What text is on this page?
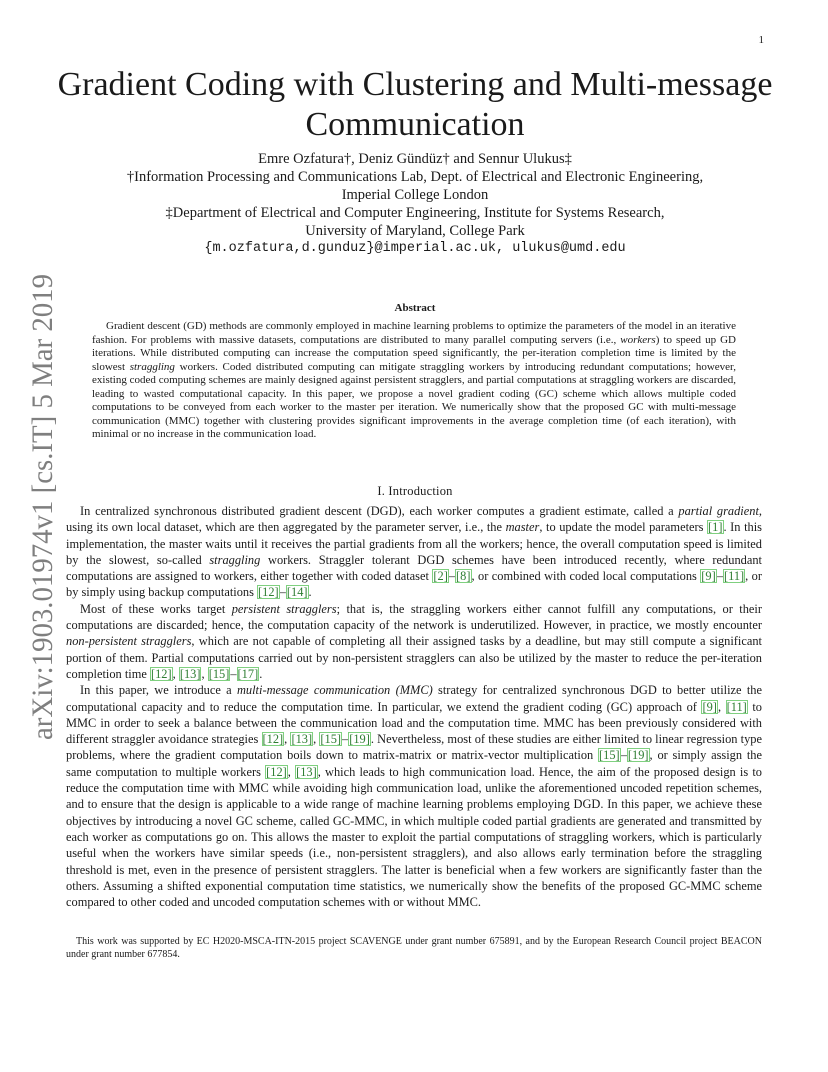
1
arXiv:1903.01974v1 [cs.IT] 5 Mar 2019
Gradient Coding with Clustering and Multi-message
Communication
Emre Ozfatura†, Deniz Gündüz† and Sennur Ulukus‡
†Information Processing and Communications Lab, Dept. of Electrical and Electronic Engineering,
Imperial College London
‡Department of Electrical and Computer Engineering, Institute for Systems Research,
University of Maryland, College Park
{m.ozfatura,d.gunduz}@imperial.ac.uk, ulukus@umd.edu
Abstract
Gradient descent (GD) methods are commonly employed in machine learning problems to optimize the parameters of the model in an iterative fashion. For problems with massive datasets, computations are distributed to many parallel computing servers (i.e., workers) to speed up GD iterations. While distributed computing can increase the computation speed significantly, the per-iteration completion time is limited by the slowest straggling workers. Coded distributed computing can mitigate straggling workers by introducing redundant computations; however, existing coded computing schemes are mainly designed against persistent stragglers, and partial computations at straggling workers are discarded, leading to wasted computational capacity. In this paper, we propose a novel gradient coding (GC) scheme which allows multiple coded computations to be conveyed from each worker to the master per iteration. We numerically show that the proposed GC with multi-message communication (MMC) together with clustering provides significant improvements in the average completion time (of each iteration), with minimal or no increase in the communication load.
I. Introduction

In centralized synchronous distributed gradient descent (DGD), each worker computes a gradient estimate, called a partial gradient, using its own local dataset, which are then aggregated by the parameter server, i.e., the master, to update the model parameters [1]. In this implementation, the master waits until it receives the partial gradients from all the workers; hence, the overall computation speed is limited by the slowest, so-called straggling workers. Straggler tolerant DGD schemes have been introduced recently, where redundant computations are assigned to workers, either together with coded dataset [2]–[8], or combined with coded local computations [9]–[11], or by simply using backup computations [12]–[14].

Most of these works target persistent stragglers; that is, the straggling workers either cannot fulfill any computations, or their computations are discarded; hence, the computation capacity of the network is underutilized. However, in practice, we mostly encounter non-persistent stragglers, which are not capable of completing all their assigned tasks by a deadline, but may still compute a significant portion of them. Partial computations carried out by non-persistent stragglers can also be utilized by the master to reduce the per-iteration completion time [12], [13], [15]–[17].

In this paper, we introduce a multi-message communication (MMC) strategy for centralized synchronous DGD to better utilize the computational capacity and to reduce the computation time. In particular, we extend the gradient coding (GC) approach of [9], [11] to MMC in order to seek a balance between the communication load and the computation time. MMC has been previously considered with different straggler avoidance strategies [12], [13], [15]–[19]. Nevertheless, most of these studies are either limited to linear regression type problems, where the gradient computation boils down to matrix-matrix or matrix-vector multiplication [15]–[19], or simply assign the same computation to multiple workers [12], [13], which leads to high communication load. Hence, the aim of the proposed design is to reduce the computation time with MMC while avoiding high communication load, unlike the aforementioned uncoded repetition schemes, and to ensure that the design is applicable to a wide range of machine learning problems employing DGD. In this paper, we achieve these objectives by introducing a novel GC scheme, called GC-MMC, in which multiple coded partial gradients are generated and transmitted by each worker as computations go on. This allows the master to exploit the partial computations of straggling workers, which is particularly useful when the workers have similar speeds (i.e., non-persistent stragglers), and also allows early termination before the straggling threshold is met, even in the presence of persistent stragglers. The latter is beneficial when a few workers are significantly faster than the others. Assuming a shifted exponential computation time statistics, we numerically show the benefits of the proposed GC-MMC scheme compared to other coded and uncoded computation schemes with or without MMC.

This work was supported by EC H2020-MSCA-ITN-2015 project SCAVENGE under grant number 675891, and by the European Research Council project BEACON under grant number 677854.
